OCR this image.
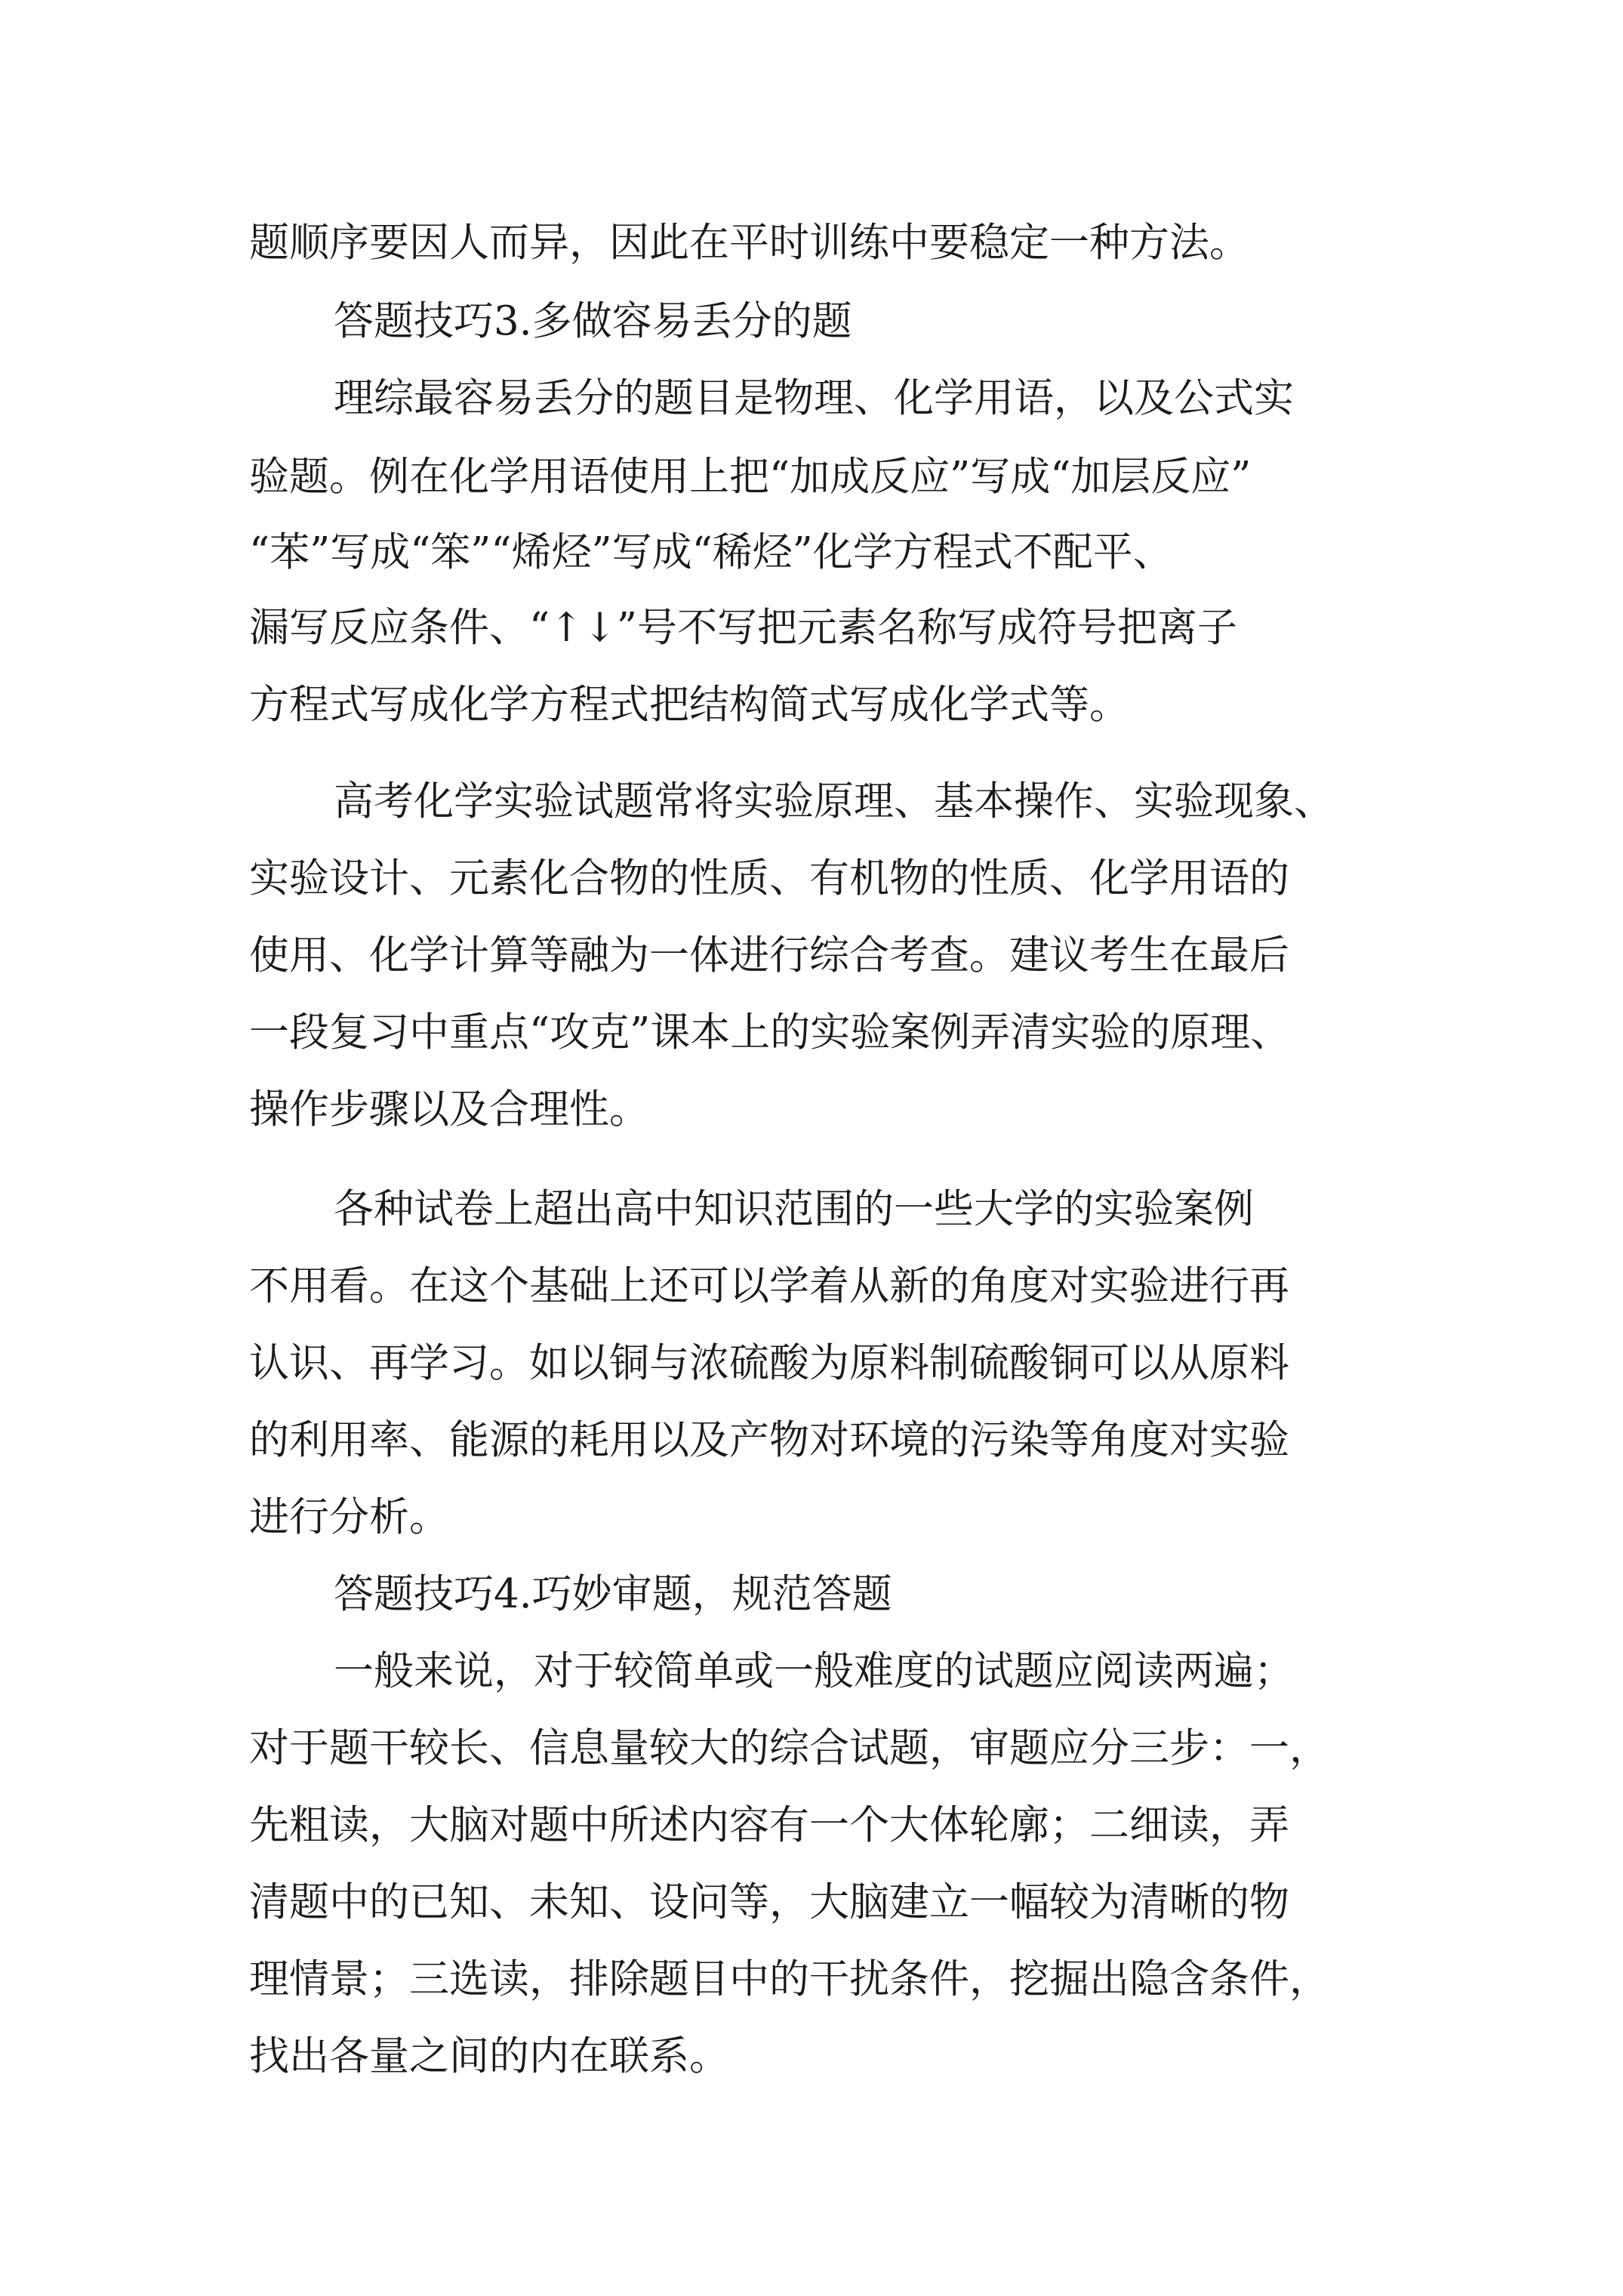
题顺序要因人而异，因此在平时训练中要稳定一种方法。

答题技巧3.多做容易丢分的题

理综最容易丢分的题目是物理、化学用语，以及公式实

验题。例在化学用语使用上把“加成反应”写成“加层反应”

“苯”写成“笨”“烯烃”写成“稀烃”化学方程式不配平、

漏写反应条件、“↑↓”号不写把元素名称写成符号把离子

方程式写成化学方程式把结构简式写成化学式等。

高考化学实验试题常将实验原理、基本操作、实验现象、

实验设计、元素化合物的性质、有机物的性质、化学用语的

使用、化学计算等融为一体进行综合考查。建议考生在最后

一段复习中重点“攻克”课本上的实验案例弄清实验的原理、

操作步骤以及合理性。

各种试卷上超出高中知识范围的一些大学的实验案例

不用看。在这个基础上还可以学着从新的角度对实验进行再

认识、再学习。如以铜与浓硫酸为原料制硫酸铜可以从原料

的利用率、能源的耗用以及产物对环境的污染等角度对实验

进行分析。

答题技巧4.巧妙审题，规范答题

一般来说，对于较简单或一般难度的试题应阅读两遍；

对于题干较长、信息量较大的综合试题，审题应分三步：一，

先粗读，大脑对题中所述内容有一个大体轮廓；二细读，弄

清题中的已知、未知、设问等，大脑建立一幅较为清晰的物

理情景；三选读，排除题目中的干扰条件，挖掘出隐含条件，

找出各量之间的内在联系。
